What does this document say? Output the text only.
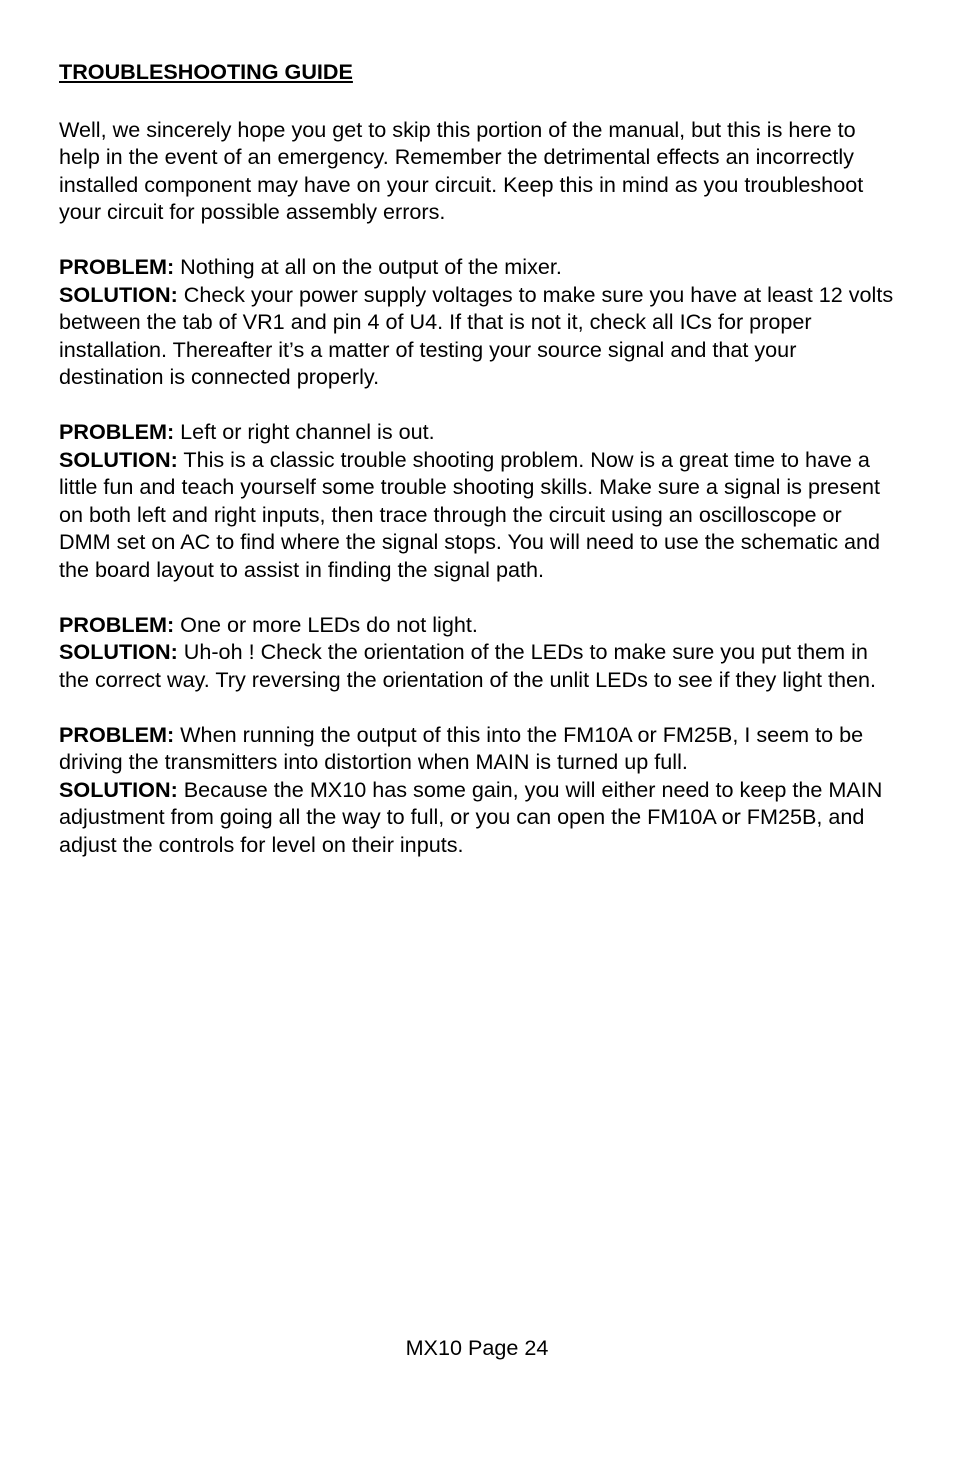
TROUBLESHOOTING GUIDE
Well, we sincerely hope you get to skip this portion of the manual, but this is here to help in the event of an emergency. Remember the detrimental effects an incorrectly installed component may have on your circuit. Keep this in mind as you troubleshoot your circuit for possible assembly errors.

PROBLEM: Nothing at all on the output of the mixer.

SOLUTION: Check your power supply voltages to make sure you have at least 12 volts between the tab of VR1 and pin 4 of U4. If that is not it, check all ICs for proper installation. Thereafter it’s a matter of testing your source signal and that your destination is connected properly.

PROBLEM: Left or right channel is out.

SOLUTION: This is a classic trouble shooting problem. Now is a great time to have a little fun and teach yourself some trouble shooting skills. Make sure a signal is present on both left and right inputs, then trace through the circuit using an oscilloscope or DMM set on AC to find where the signal stops. You will need to use the schematic and the board layout to assist in finding the signal path.

PROBLEM: One or more LEDs do not light.

SOLUTION: Uh-oh ! Check the orientation of the LEDs to make sure you put them in the correct way. Try reversing the orientation of the unlit LEDs to see if they light then.

PROBLEM: When running the output of this into the FM10A or FM25B, I seem to be driving the transmitters into distortion when MAIN is turned up full.

SOLUTION: Because the MX10 has some gain, you will either need to keep the MAIN adjustment from going all the way to full, or you can open the FM10A or FM25B, and adjust the controls for level on their inputs.

MX10 Page 24
